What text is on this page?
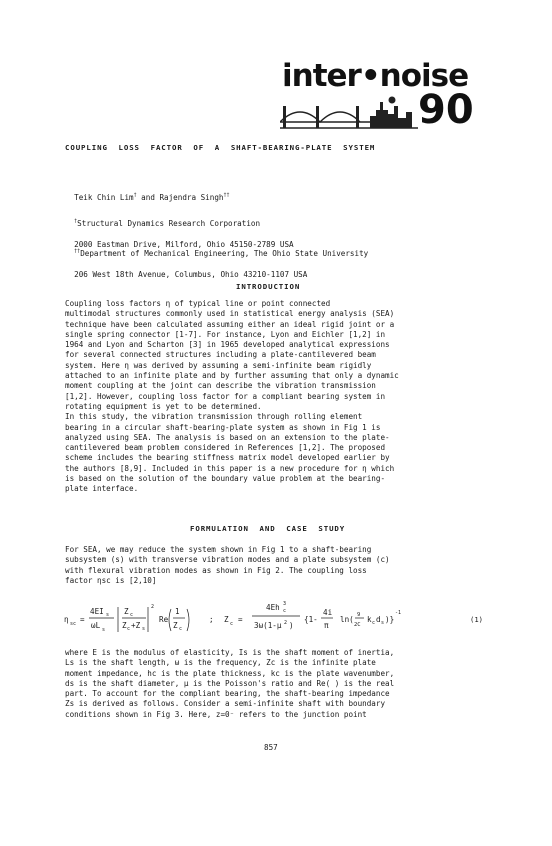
inter•noise
90
COUPLING  LOSS  FACTOR  OF  A  SHAFT-BEARING-PLATE  SYSTEM

Teik Chin Lim† and Rajendra Singh††

†Structural Dynamics Research Corporation

2000 Eastman Drive, Milford, Ohio 45150-2789 USA

††Department of Mechanical Engineering, The Ohio State University

206 West 18th Avenue, Columbus, Ohio 43210-1107 USA

INTRODUCTION
Coupling loss factors η of typical line or point connected
multimodal structures commonly used in statistical energy analysis (SEA)
technique have been calculated assuming either an ideal rigid joint or a
single spring connector [1-7]. For instance, Lyon and Eichler [1,2] in
1964 and Lyon and Scharton [3] in 1965 developed analytical expressions
for several connected structures including a plate-cantilevered beam
system. Here η was derived by assuming a semi-infinite beam rigidly
attached to an infinite plate and by further assuming that only a dynamic
moment coupling at the joint can describe the vibration transmission
[1,2]. However, coupling loss factor for a compliant bearing system in
rotating equipment is yet to be determined.
In this study, the vibration transmission through rolling element
bearing in a circular shaft-bearing-plate system as shown in Fig 1 is
analyzed using SEA. The analysis is based on an extension to the plate-
cantilevered beam problem considered in References [1,2]. The proposed
scheme includes the bearing stiffness matrix model developed earlier by
the authors [8,9]. Included in this paper is a new procedure for η which
is based on the solution of the boundary value problem at the bearing-
plate interface.
FORMULATION  AND  CASE  STUDY
For SEA, we may reduce the system shown in Fig 1 to a shaft-bearing
subsystem (s) with transverse vibration modes and a plate subsystem (c)
with flexural vibration modes as shown in Fig 2. The coupling loss
factor ηsc is [2,10]
η sc =
4EI s
ωL s
Z c
Z c +Z s
2
Re
1
Z c
; Z c =
4Eh 3
c
3ω(1-μ 2 )
{1-
4i
π
ln( 9
2C
k c d s )}
-1
(1)
where E is the modulus of elasticity, Is is the shaft moment of inertia,
Ls is the shaft length, ω is the frequency, Zc is the infinite plate
moment impedance, hc is the plate thickness, kc is the plate wavenumber,
ds is the shaft diameter, μ is the Poisson's ratio and Re( ) is the real
part. To account for the compliant bearing, the shaft-bearing impedance
Zs is derived as follows. Consider a semi-infinite shaft with boundary
conditions shown in Fig 3. Here, z=0⁻ refers to the junction point
857
